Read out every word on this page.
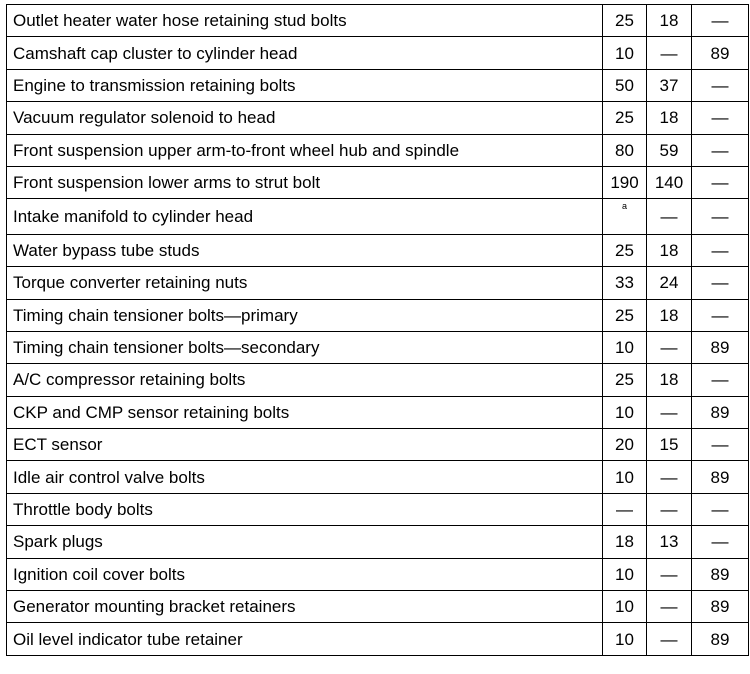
Outlet heater water hose retaining stud bolts	25	18	—
Camshaft cap cluster to cylinder head	10	—	89
Engine to transmission retaining bolts	50	37	—
Vacuum regulator solenoid to head	25	18	—
Front suspension upper arm-to-front wheel hub and spindle	80	59	—
Front suspension lower arms to strut bolt	190	140	—
Intake manifold to cylinder head	a	—	—
Water bypass tube studs	25	18	—
Torque converter retaining nuts	33	24	—
Timing chain tensioner bolts—primary	25	18	—
Timing chain tensioner bolts—secondary	10	—	89
A/C compressor retaining bolts	25	18	—
CKP and CMP sensor retaining bolts	10	—	89
ECT sensor	20	15	—
Idle air control valve bolts	10	—	89
Throttle body bolts	—	—	—
Spark plugs	18	13	—
Ignition coil cover bolts	10	—	89
Generator mounting bracket retainers	10	—	89
Oil level indicator tube retainer	10	—	89
